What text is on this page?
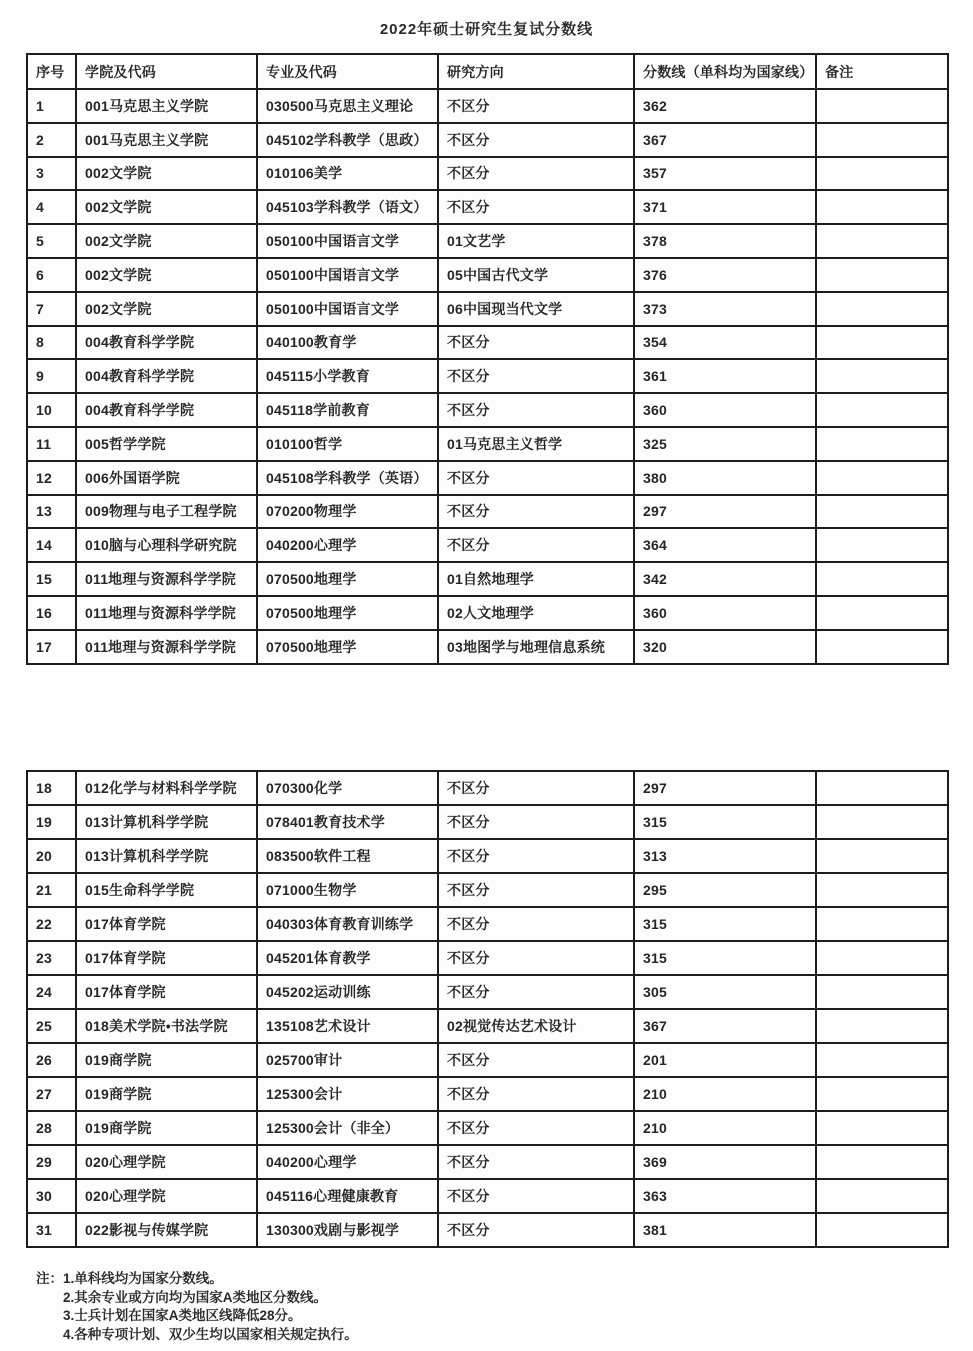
2022年硕士研究生复试分数线
序号	学院及代码	专业及代码	研究方向	分数线（单科均为国家线）	备注
1	001马克思主义学院	030500马克思主义理论	不区分	362	
2	001马克思主义学院	045102学科教学（思政）	不区分	367	
3	002文学院	010106美学	不区分	357	
4	002文学院	045103学科教学（语文）	不区分	371	
5	002文学院	050100中国语言文学	01文艺学	378	
6	002文学院	050100中国语言文学	05中国古代文学	376	
7	002文学院	050100中国语言文学	06中国现当代文学	373	
8	004教育科学学院	040100教育学	不区分	354	
9	004教育科学学院	045115小学教育	不区分	361	
10	004教育科学学院	045118学前教育	不区分	360	
11	005哲学学院	010100哲学	01马克思主义哲学	325	
12	006外国语学院	045108学科教学（英语）	不区分	380	
13	009物理与电子工程学院	070200物理学	不区分	297	
14	010脑与心理科学研究院	040200心理学	不区分	364	
15	011地理与资源科学学院	070500地理学	01自然地理学	342	
16	011地理与资源科学学院	070500地理学	02人文地理学	360	
17	011地理与资源科学学院	070500地理学	03地图学与地理信息系统	320	
18	012化学与材料科学学院	070300化学	不区分	297	
19	013计算机科学学院	078401教育技术学	不区分	315	
20	013计算机科学学院	083500软件工程	不区分	313	
21	015生命科学学院	071000生物学	不区分	295	
22	017体育学院	040303体育教育训练学	不区分	315	
23	017体育学院	045201体育教学	不区分	315	
24	017体育学院	045202运动训练	不区分	305	
25	018美术学院•书法学院	135108艺术设计	02视觉传达艺术设计	367	
26	019商学院	025700审计	不区分	201	
27	019商学院	125300会计	不区分	210	
28	019商学院	125300会计（非全）	不区分	210	
29	020心理学院	040200心理学	不区分	369	
30	020心理学院	045116心理健康教育	不区分	363	
31	022影视与传媒学院	130300戏剧与影视学	不区分	381	
注： 1.单科线均为国家分数线。
2.其余专业或方向均为国家A类地区分数线。
3.士兵计划在国家A类地区线降低28分。
4.各种专项计划、双少生均以国家相关规定执行。
